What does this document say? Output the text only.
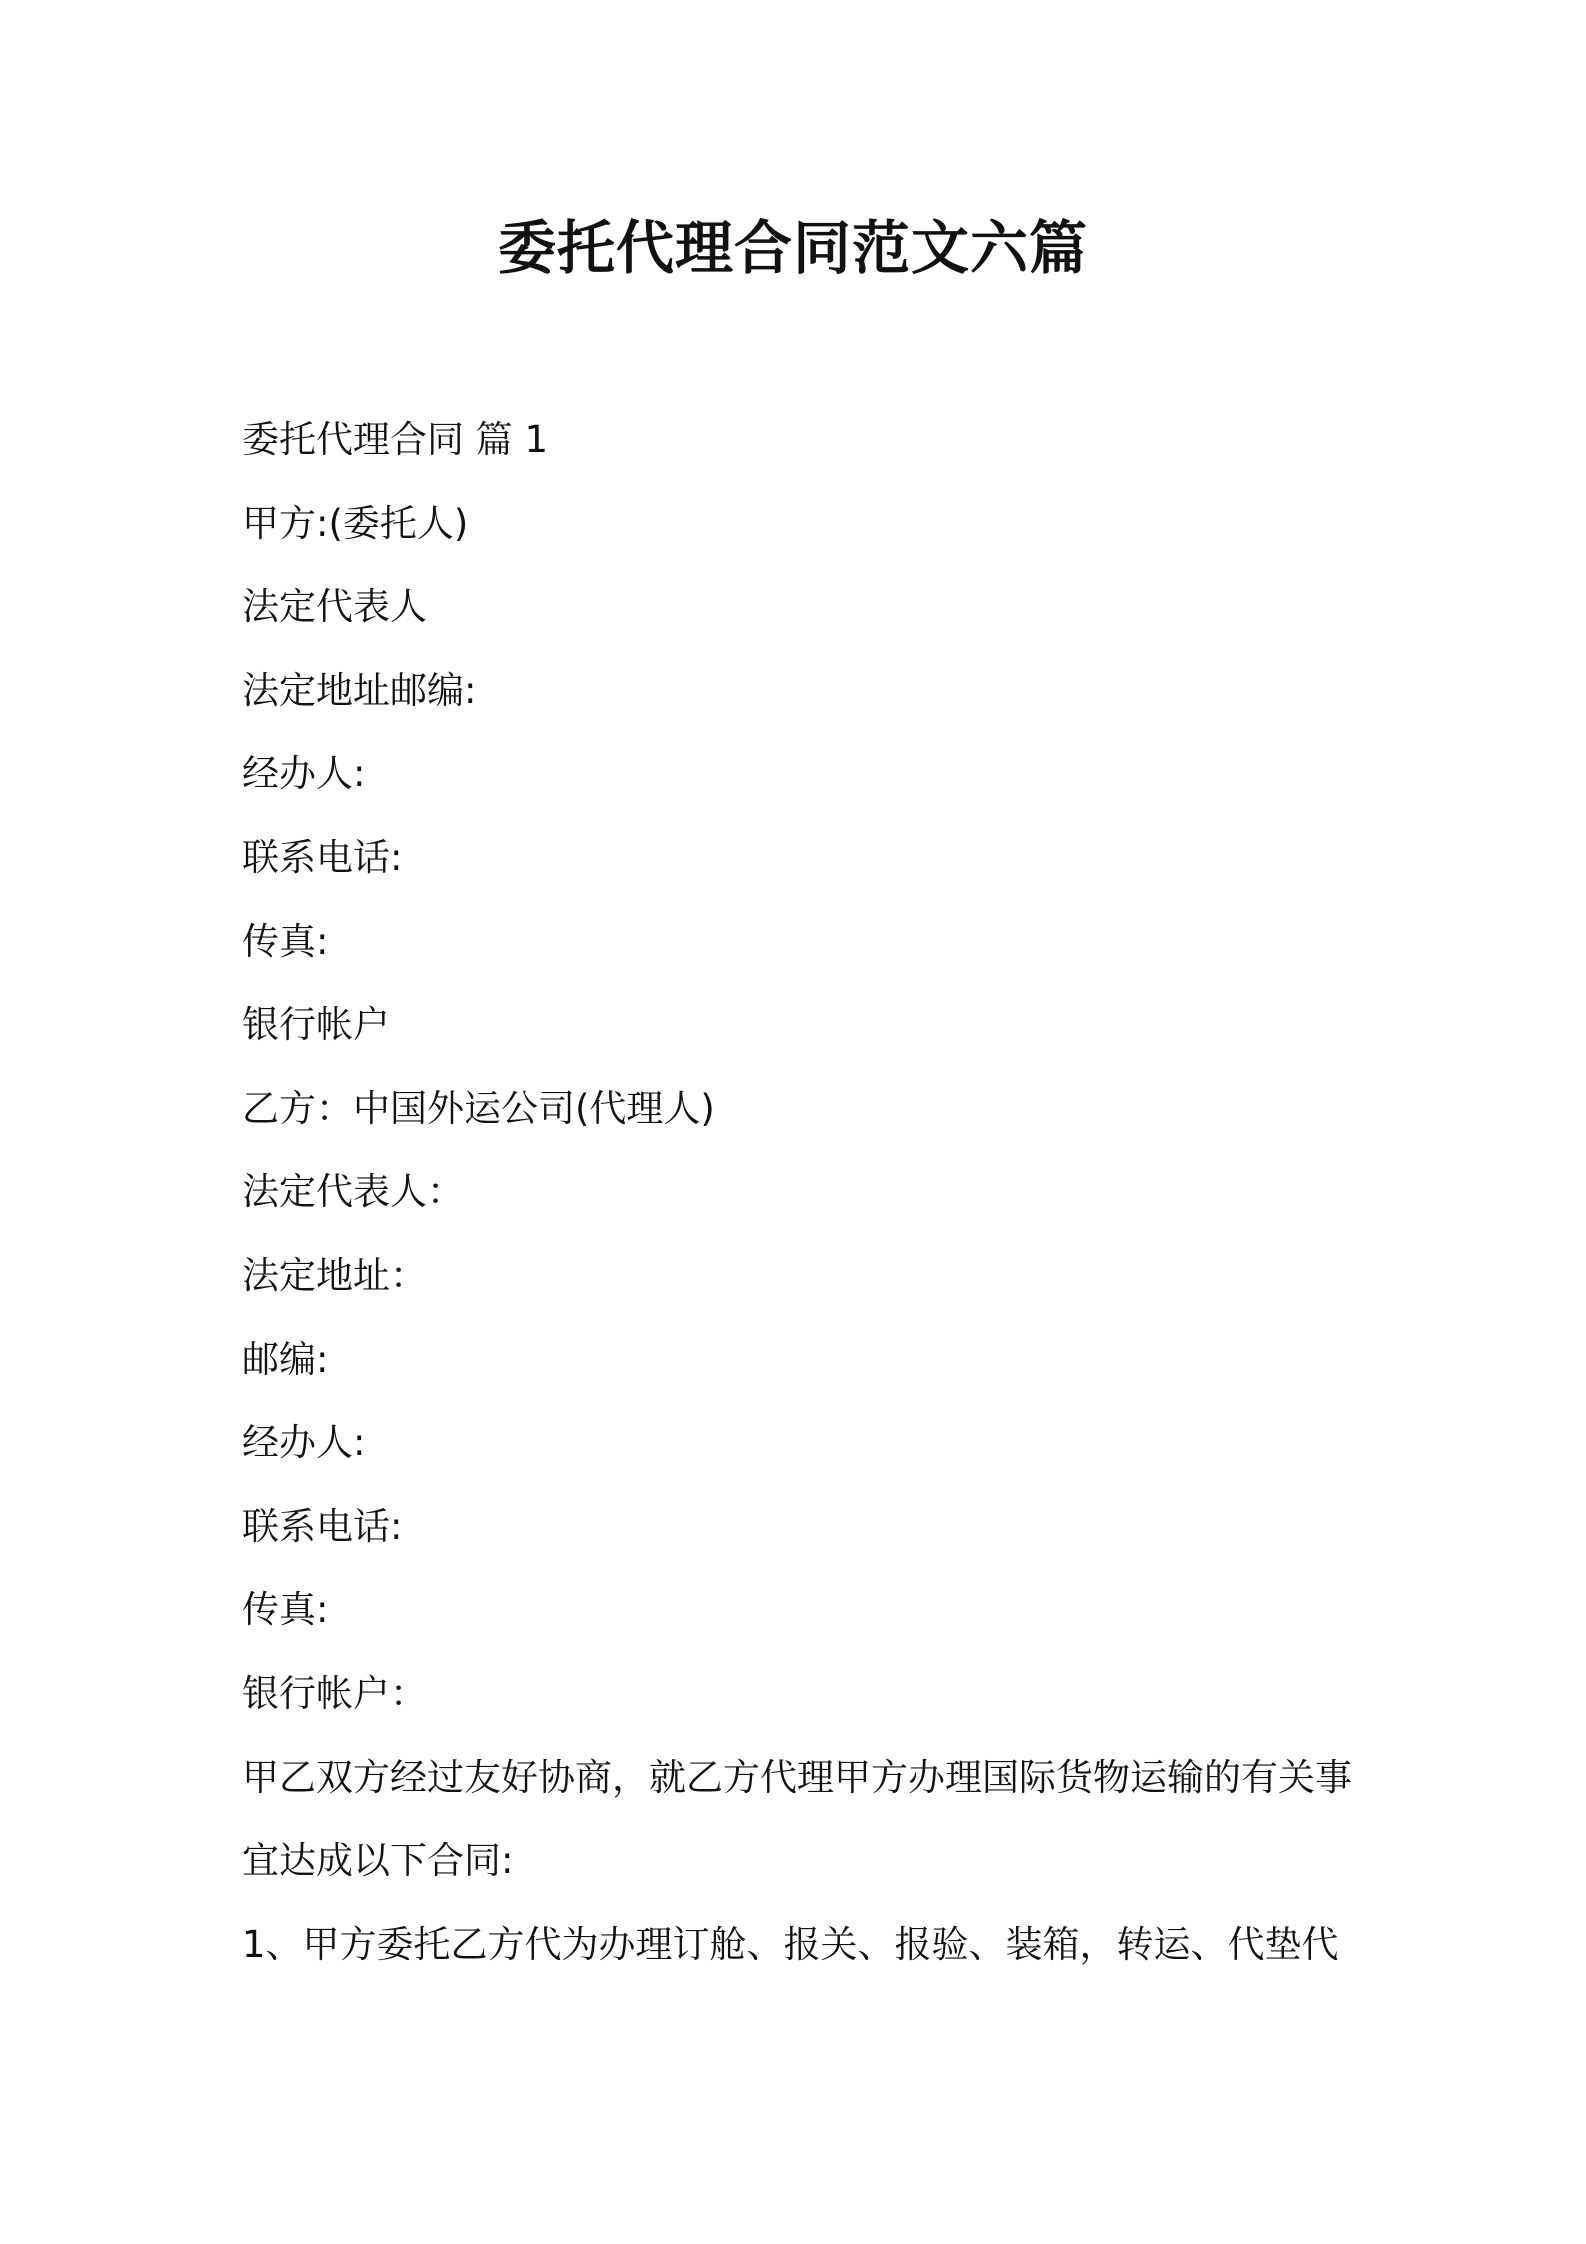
委托代理合同范文六篇
委托代理合同 篇 1
甲方:(委托人)
法定代表人
法定地址邮编:
经办人:
联系电话:
传真:
银行帐户
乙方：中国外运公司(代理人)
法定代表人：
法定地址：
邮编:
经办人:
联系电话:
传真:
银行帐户：
甲乙双方经过友好协商，就乙方代理甲方办理国际货物运输的有关事
宜达成以下合同:
1、甲方委托乙方代为办理订舱、报关、报验、装箱，转运、代垫代
